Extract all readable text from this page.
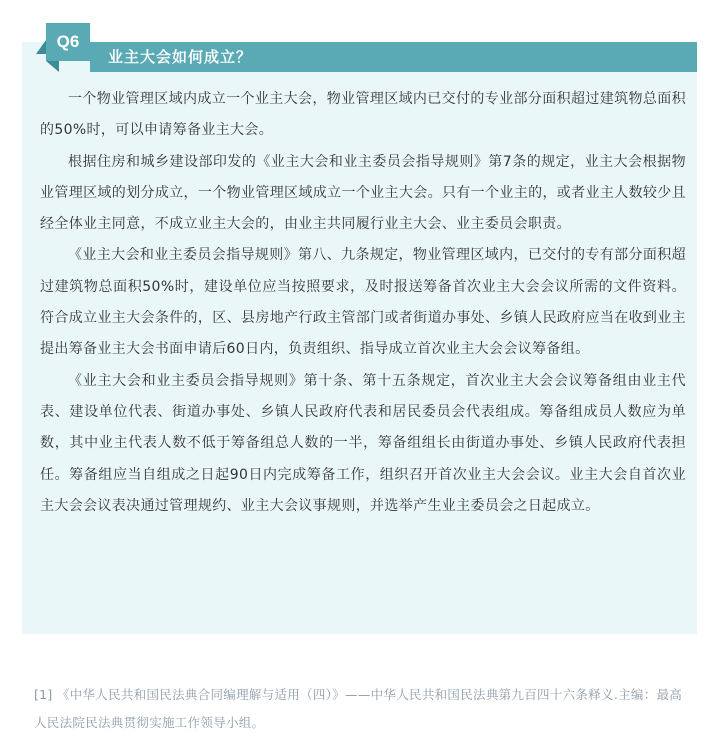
Q6
业主大会如何成立？

一个物业管理区域内成立一个业主大会，物业管理区域内已交付的专业部分面积超过建筑物总面积的50%时，可以申请筹备业主大会。

根据住房和城乡建设部印发的《业主大会和业主委员会指导规则》第7条的规定，业主大会根据物业管理区域的划分成立，一个物业管理区域成立一个业主大会。只有一个业主的，或者业主人数较少且经全体业主同意，不成立业主大会的，由业主共同履行业主大会、业主委员会职责。

《业主大会和业主委员会指导规则》第八、九条规定，物业管理区域内，已交付的专有部分面积超过建筑物总面积50%时，建设单位应当按照要求，及时报送筹备首次业主大会会议所需的文件资料。符合成立业主大会条件的，区、县房地产行政主管部门或者街道办事处、乡镇人民政府应当在收到业主提出筹备业主大会书面申请后60日内，负责组织、指导成立首次业主大会会议筹备组。

《业主大会和业主委员会指导规则》第十条、第十五条规定，首次业主大会会议筹备组由业主代表、建设单位代表、街道办事处、乡镇人民政府代表和居民委员会代表组成。筹备组成员人数应为单数，其中业主代表人数不低于筹备组总人数的一半，筹备组组长由街道办事处、乡镇人民政府代表担任。筹备组应当自组成之日起90日内完成筹备工作，组织召开首次业主大会会议。业主大会自首次业主大会会议表决通过管理规约、业主大会议事规则，并选举产生业主委员会之日起成立。

[1] 《中华人民共和国民法典合同编理解与适用（四）》——中华人民共和国民法典第九百四十六条释义.主编：最高人民法院民法典贯彻实施工作领导小组。
